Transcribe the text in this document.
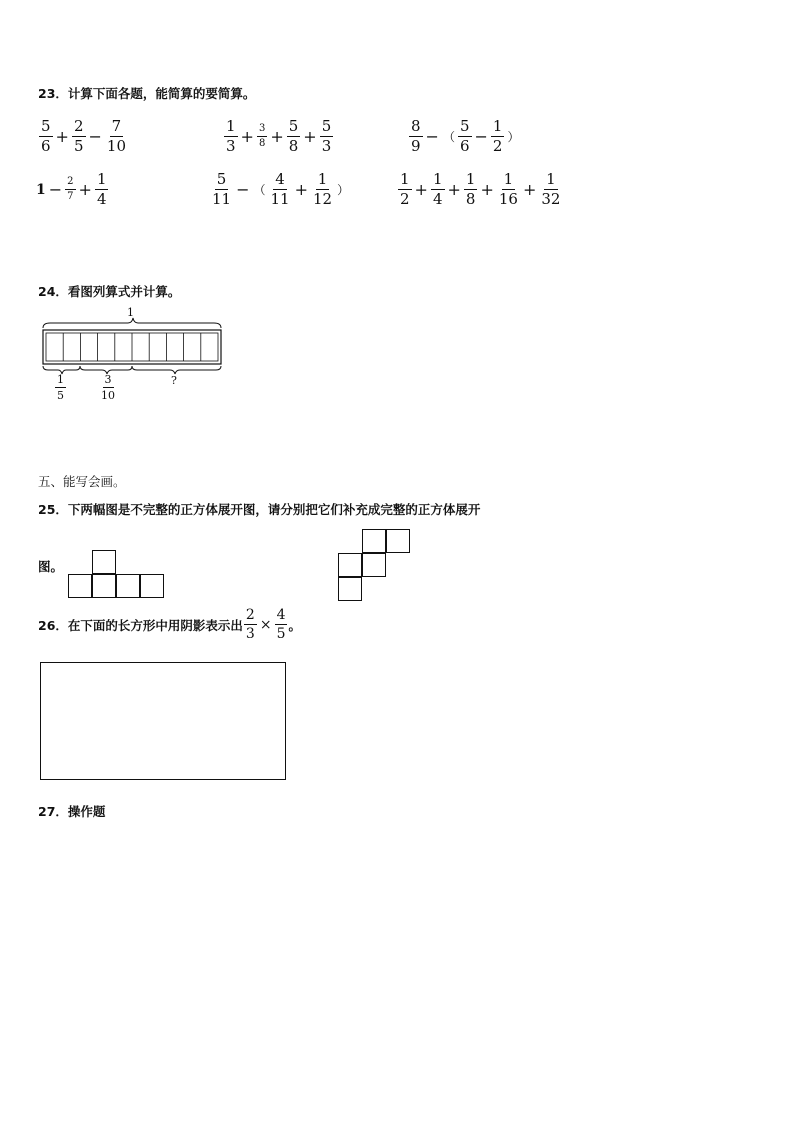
23．计算下面各题，能简算的要简算。
$\frac{5}{6} + \frac{2}{5} - \frac{7}{10}$	$\frac{1}{3} + \frac{3}{8} + \frac{5}{8} + \frac{5}{3}$	$\frac{8}{9}$ − （ $\frac{5}{6} - \frac{1}{2}$ ）
$1 - \frac{2}{7} + \frac{1}{4}$	$\frac{5}{11}$ − （ $\frac{4}{11} + \frac{1}{12}$ ）	$\frac{1}{2} + \frac{1}{4} + \frac{1}{8} + \frac{1}{16} + \frac{1}{32}$
24．看图列算式并计算。
1
$\frac{1}{5}$	$\frac{3}{10}$	?
五、能写会画。
25．下两幅图是不完整的正方体展开图，请分别把它们补充成完整的正方体展开
图。
26．在下面的长方形中用阴影表示出 $\frac{2}{3} \times \frac{4}{5}$ 。
27．操作题
